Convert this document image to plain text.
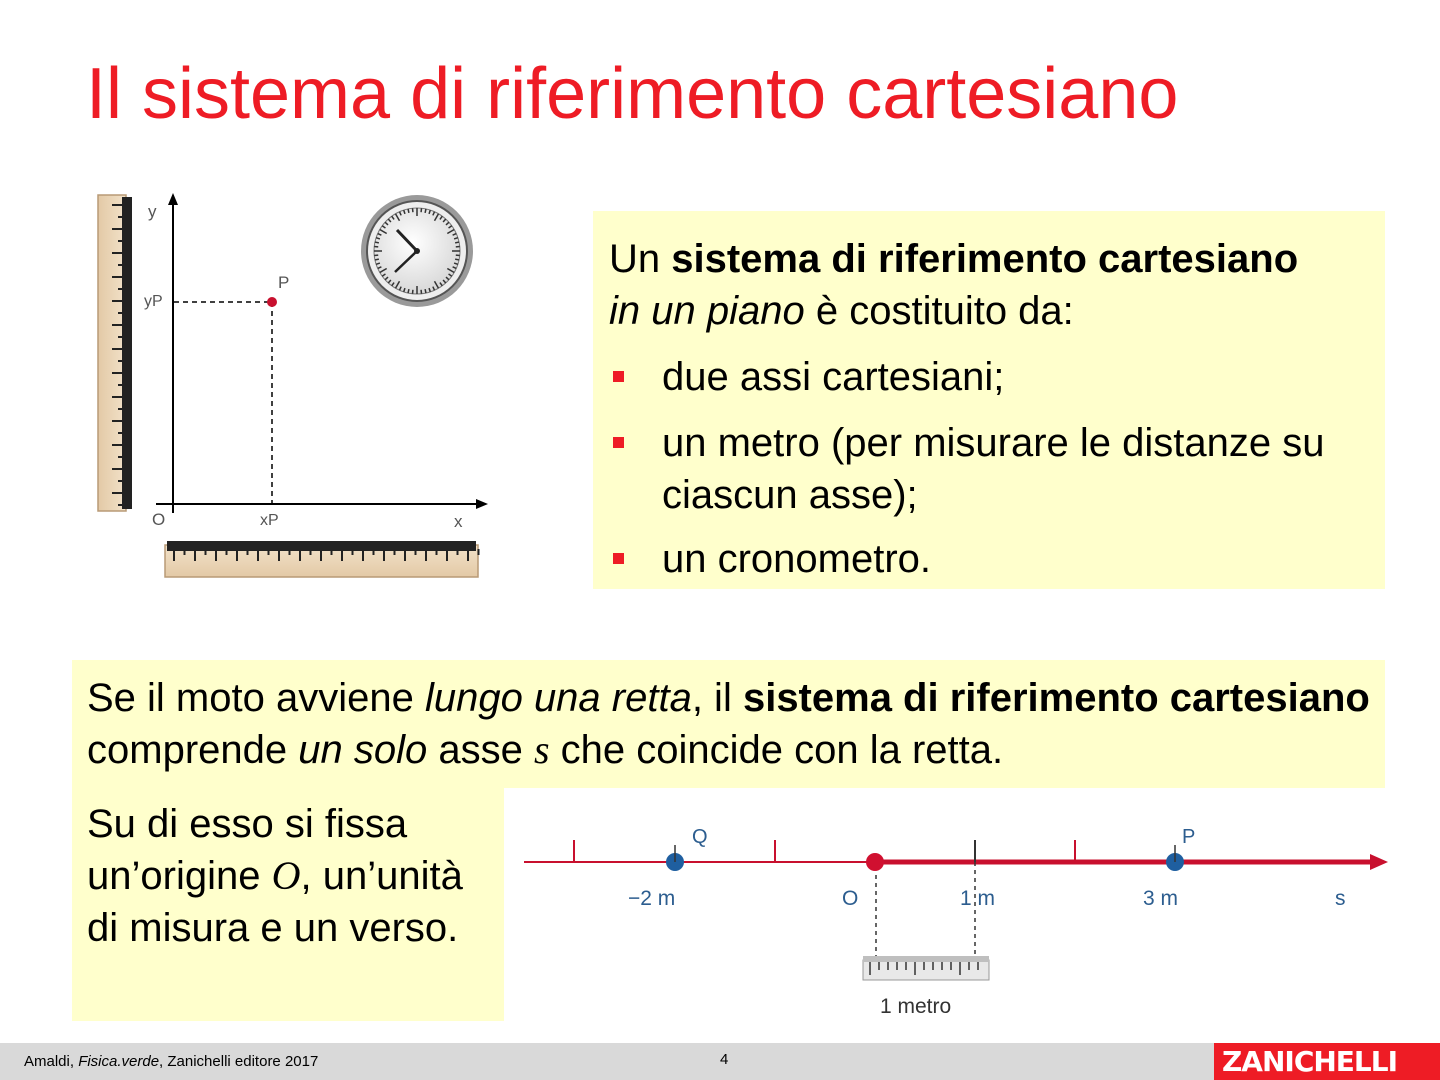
Il sistema di riferimento cartesiano
y
x
O
P
yP
xP
Un sistema di riferimento cartesiano
in un piano è costituito da:
due assi cartesiani;
un metro (per misurare le distanze su ciascun asse);
un cronometro.
Se il moto avviene lungo una retta, il sistema di riferimento cartesiano comprende un solo asse s che coincide con la retta.
Su di esso si fissa un’origine O, un’unità di misura e un verso.
Q	P
−2 m	O	1 m	3 m	s
1 metro
Amaldi, Fisica.verde, Zanichelli editore 2017	4	ZANICHELLI
